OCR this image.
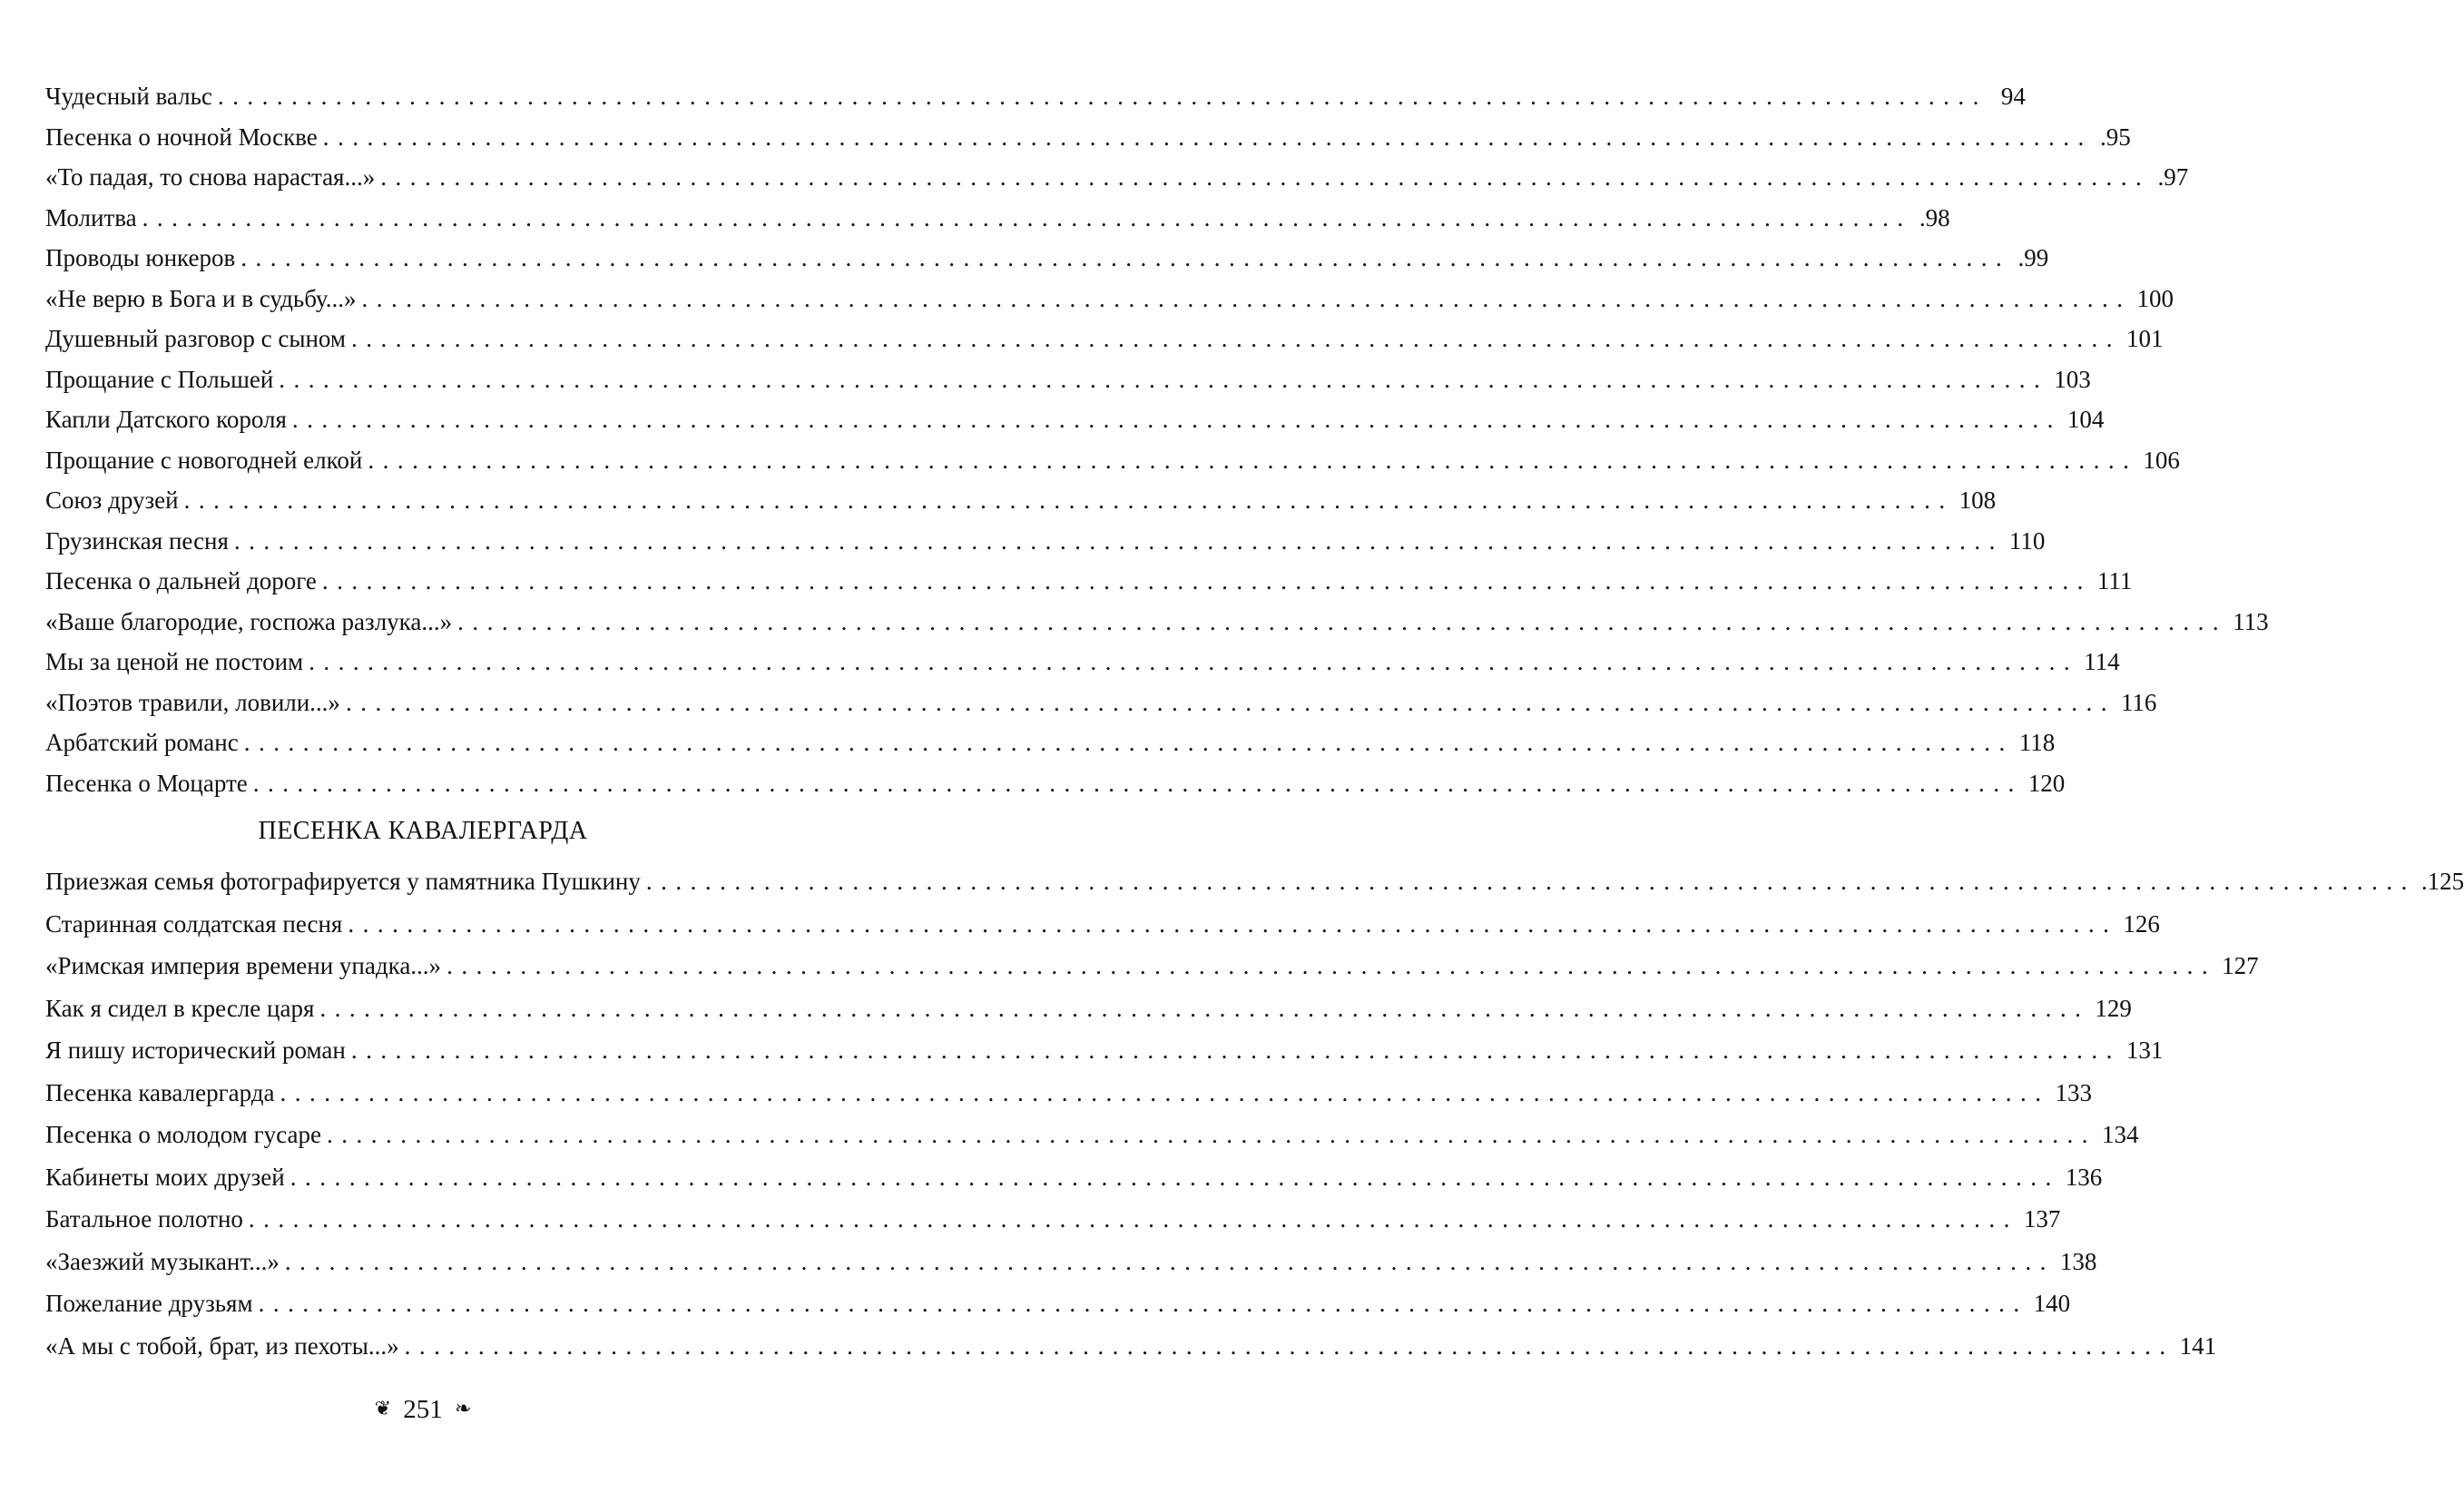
Чудесный вальс ........................................................................................................................ 94
Песенка о ночной Москве ........................................................................................................................ .95
«То падая, то снова нарастая...» ........................................................................................................................ .97
Молитва ........................................................................................................................ .98
Проводы юнкеров ........................................................................................................................ .99
«Не верю в Бога и в судьбу...» ........................................................................................................................ 100
Душевный разговор с сыном ........................................................................................................................ 101
Прощание с Польшей ........................................................................................................................ 103
Капли Датского короля ........................................................................................................................ 104
Прощание с новогодней елкой ........................................................................................................................ 106
Союз друзей ........................................................................................................................ 108
Грузинская песня ........................................................................................................................ 110
Песенка о дальней дороге ........................................................................................................................ 111
«Ваше благородие, госпожа разлука...» ........................................................................................................................ 113
Мы за ценой не постоим ........................................................................................................................ 114
«Поэтов травили, ловили...» ........................................................................................................................ 116
Арбатский романс ........................................................................................................................ 118
Песенка о Моцарте ........................................................................................................................ 120
ПЕСЕНКА КАВАЛЕРГАРДА
Приезжая семья фотографируется у памятника Пушкину ........................................................................................................................ .125
Старинная солдатская песня ........................................................................................................................ 126
«Римская империя времени упадка...» ........................................................................................................................ 127
Как я сидел в кресле царя ........................................................................................................................ 129
Я пишу исторический роман ........................................................................................................................ 131
Песенка кавалергарда ........................................................................................................................ 133
Песенка о молодом гусаре ........................................................................................................................ 134
Кабинеты моих друзей ........................................................................................................................ 136
Батальное полотно ........................................................................................................................ 137
«Заезжий музыкант...» ........................................................................................................................ 138
Пожелание друзьям ........................................................................................................................ 140
«А мы с тобой, брат, из пехоты...» ........................................................................................................................ 141
❦ 251 ❧
